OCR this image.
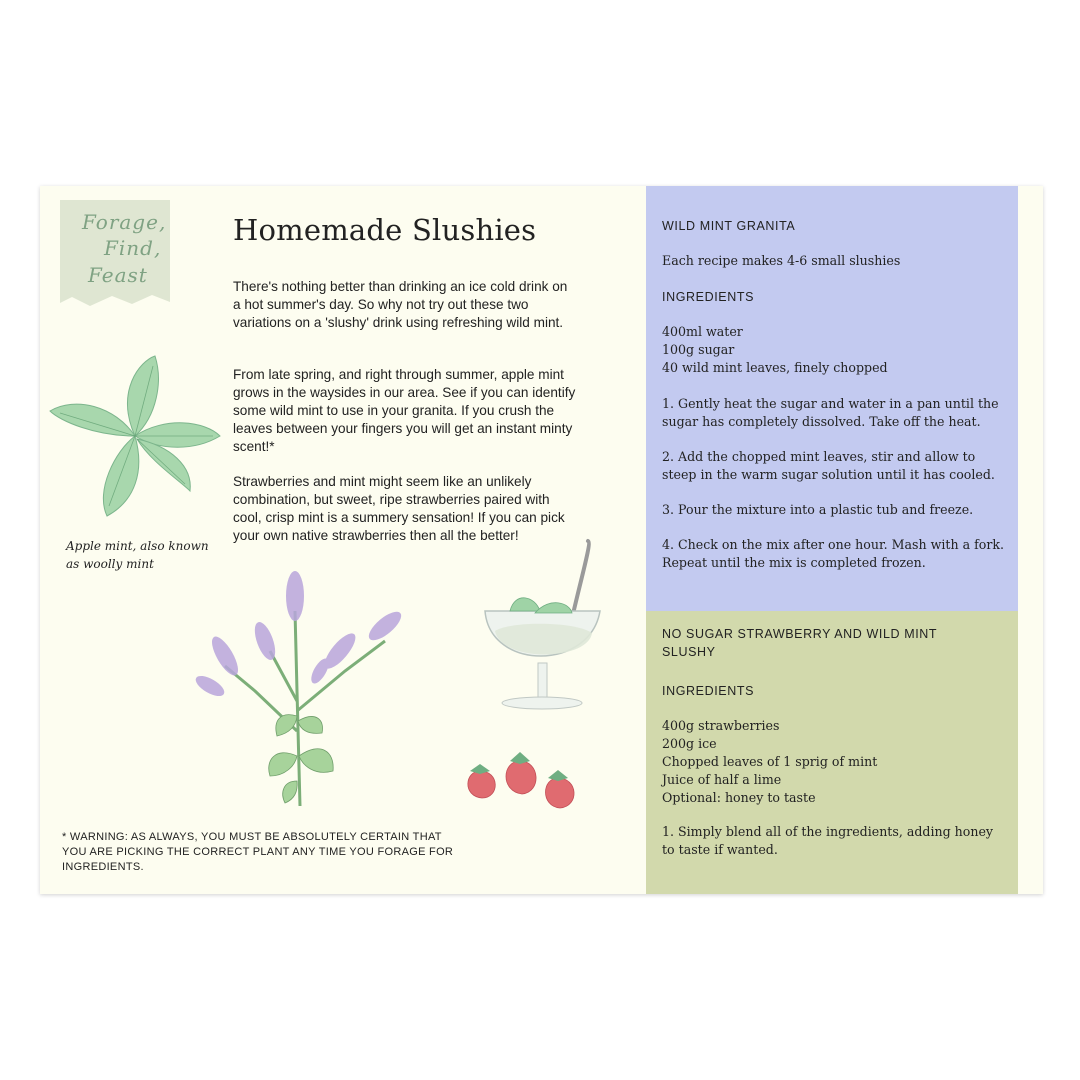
Forage,
Find,
Feast
Apple mint, also known
as woolly mint
Homemade Slushies

There's nothing better than drinking an ice cold drink on a hot summer's day. So why not try out these two variations on a 'slushy' drink using refreshing wild mint.

From late spring, and right through summer, apple mint grows in the waysides in our area. See if you can identify some wild mint to use in your granita. If you crush the leaves between your fingers you will get an instant minty scent!*

Strawberries and mint might seem like an unlikely combination, but sweet, ripe strawberries paired with cool, crisp mint is a summery sensation! If you can pick your own native strawberries then all the better!

* WARNING: AS ALWAYS, YOU MUST BE ABSOLUTELY CERTAIN THAT YOU ARE PICKING THE CORRECT PLANT ANY TIME YOU FORAGE FOR INGREDIENTS.
WILD MINT GRANITA
Each recipe makes 4-6 small slushies
INGREDIENTS
400ml water
100g sugar
40 wild mint leaves, finely chopped
1. Gently heat the sugar and water in a pan until the sugar has completely dissolved. Take off the heat.
2. Add the chopped mint leaves, stir and allow to steep in the warm sugar solution until it has cooled.
3. Pour the mixture into a plastic tub and freeze.
4. Check on the mix after one hour. Mash with a fork. Repeat until the mix is completed frozen.
NO SUGAR STRAWBERRY AND WILD MINT SLUSHY
INGREDIENTS
400g strawberries
200g ice
Chopped leaves of 1 sprig of mint
Juice of half a lime
Optional: honey to taste
1. Simply blend all of the ingredients, adding honey to taste if wanted.
